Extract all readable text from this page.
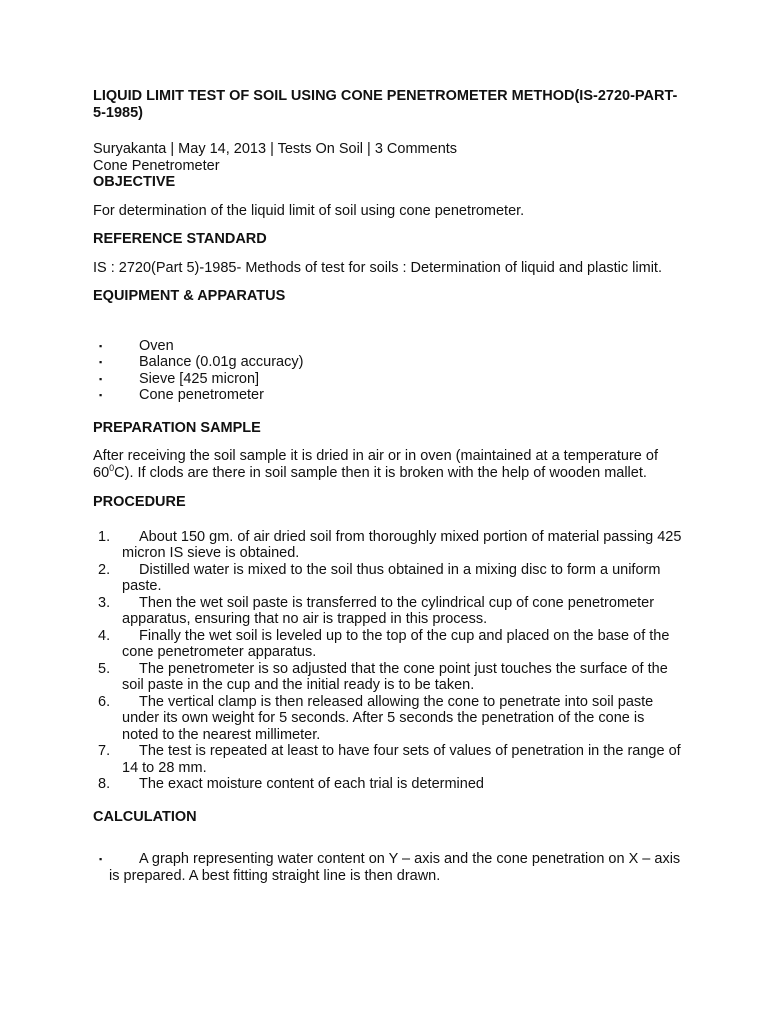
LIQUID LIMIT TEST OF SOIL USING CONE PENETROMETER METHOD(IS-2720-PART-5-1985)

Suryakanta | May 14, 2013 | Tests On Soil | 3 Comments

Cone Penetrometer

OBJECTIVE

For determination of the liquid limit of soil using cone penetrometer.

REFERENCE STANDARD

IS : 2720(Part 5)-1985- Methods of test for soils : Determination of liquid and plastic limit.

EQUIPMENT & APPARATUS
▪	Oven
▪	Balance (0.01g accuracy)
▪	Sieve [425 micron]
▪	Cone penetrometer
PREPARATION SAMPLE

After receiving the soil sample it is dried in air or in oven (maintained at a temperature of $60^0C$). If clods are there in soil sample then it is broken with the help of wooden mallet.

PROCEDURE
1. About 150 gm. of air dried soil from thoroughly mixed portion of material passing 425 micron IS sieve is obtained.
2. Distilled water is mixed to the soil thus obtained in a mixing disc to form a uniform paste.
3. Then the wet soil paste is transferred to the cylindrical cup of cone penetrometer apparatus, ensuring that no air is trapped in this process.
4. Finally the wet soil is leveled up to the top of the cup and placed on the base of the cone penetrometer apparatus.
5. The penetrometer is so adjusted that the cone point just touches the surface of the soil paste in the cup and the initial ready is to be taken.
6. The vertical clamp is then released allowing the cone to penetrate into soil paste under its own weight for 5 seconds. After 5 seconds the penetration of the cone is noted to the nearest millimeter.
7. The test is repeated at least to have four sets of values of penetration in the range of 14 to 28 mm.
8. The exact moisture content of each trial is determined
CALCULATION
▪	A graph representing water content on Y – axis and the cone penetration on X – axis is prepared. A best fitting straight line is then drawn.
